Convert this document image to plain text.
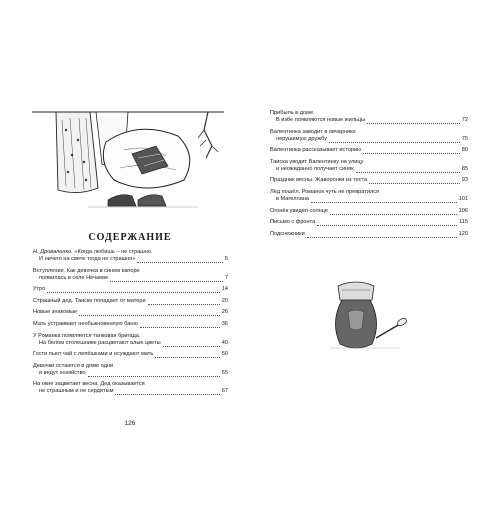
СОДЕРЖАНИЕ
Н. Дроваленко. «Когда любишь – не страшно.
И ничего на свете тогда не страшно»	5
Вступление. Как девочка в синем капоре
появилась в селе Нечаеве	7
Утро	14
Страшный дед. Таиске попадает от матери	20
Новые знакомые	26
Мать устраивает необыкновенную баню	36
У Романка появляется танковая бригада.
На белом столешнике расцветают алые цветы	40
Гости пьют чай с лепёшками и осуждают мать	50
Девочки остаются в доме одни
и ведут хозяйство	55
На окне зацветает весна. Дед оказывается
не страшным и не сердитым	67
Прибыль в доме.
В избе появляются новые жильцы	72
Валентинка заводит в овчарнике
нерушимую дружбу	75
Валентинка рассказывает историю	80
Таиска уводит Валентинку на улицу
и неожиданно получает синяк	85
Праздник весны. Жаворонки из теста	93
Лёд пошёл. Романок чуть не превратился
в Магеллана	101
Огонёк увидел солнце	106
Письмо с фронта	115
Подснежники	120
126
